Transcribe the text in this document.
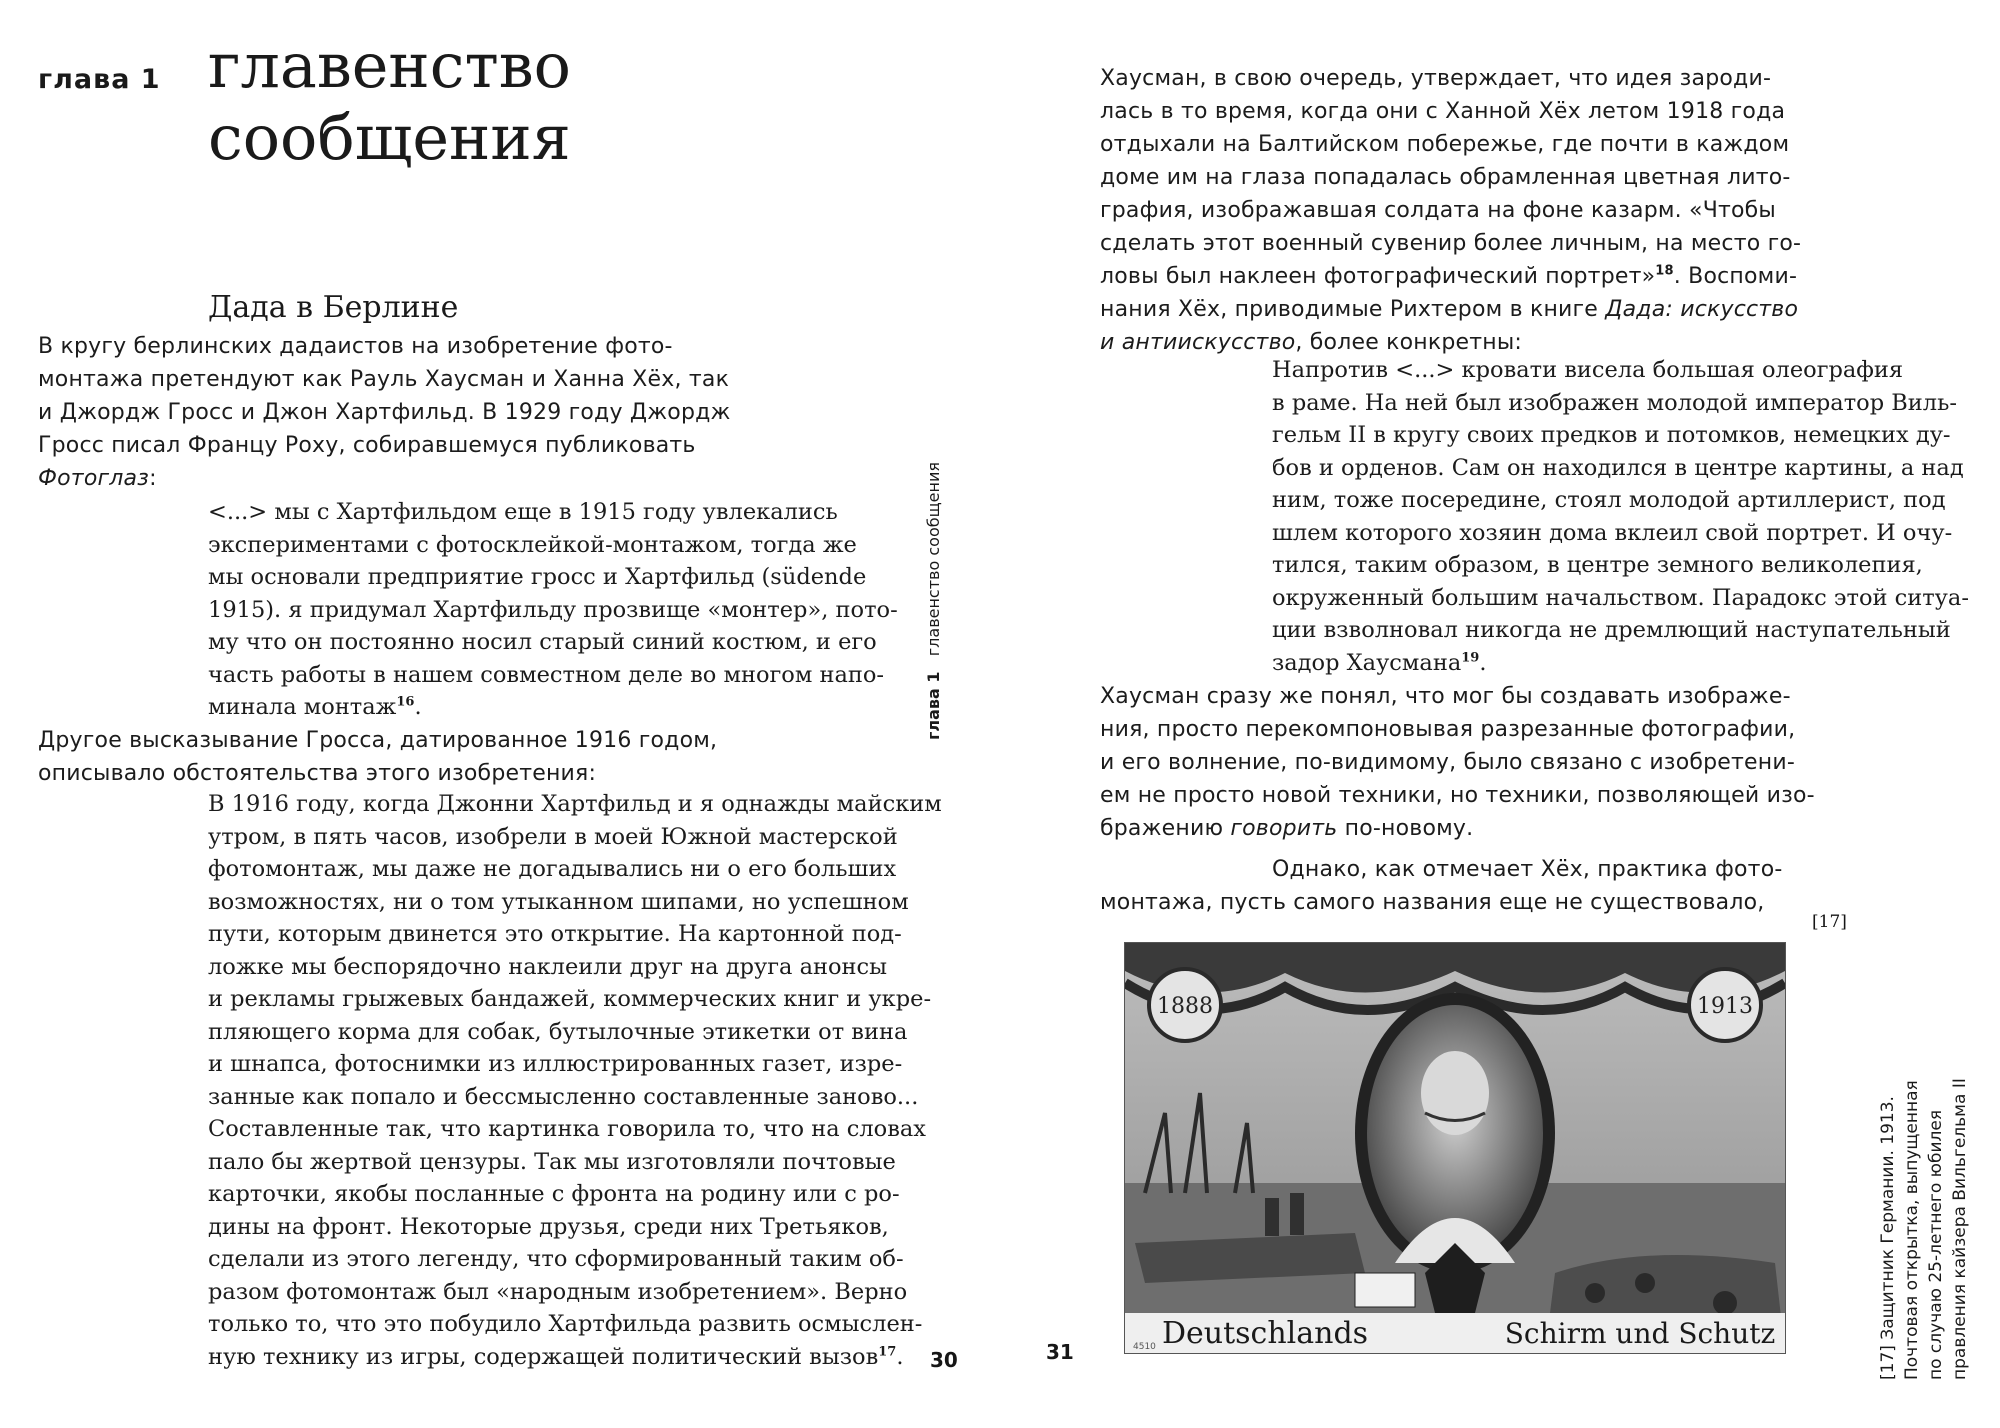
глава 1 главенство
сообщения
Дада в Берлине
В кругу берлинских дадаистов на изобретение фото-
монтажа претендуют как Рауль Хаусман и Ханна Хёх, так
и Джордж Гросс и Джон Хартфильд. В 1929 году Джордж
Гросс писал Францу Роху, собиравшемуся публиковать
Фотоглаз:
<...> мы с Хартфильдом еще в 1915 году увлекались
экспериментами с фотосклейкой-монтажом, тогда же
мы основали предприятие гросс и Хартфильд (südende
1915). я придумал Хартфильду прозвище «монтер», пото-
му что он постоянно носил старый синий костюм, и его
часть работы в нашем совместном деле во многом напо-
минала монтаж$^{16}$.
Другое высказывание Гросса, датированное 1916 годом,
описывало обстоятельства этого изобретения:
В 1916 году, когда Джонни Хартфильд и я однажды майским
утром, в пять часов, изобрели в моей Южной мастерской
фотомонтаж, мы даже не догадывались ни о его больших
возможностях, ни о том утыканном шипами, но успешном
пути, которым двинется это открытие. На картонной под-
ложке мы беспорядочно наклеили друг на друга анонсы
и рекламы грыжевых бандажей, коммерческих книг и укре-
пляющего корма для собак, бутылочные этикетки от вина
и шнапса, фотоснимки из иллюстрированных газет, изре-
занные как попало и бессмысленно составленные заново...
Составленные так, что картинка говорила то, что на словах
пало бы жертвой цензуры. Так мы изготовляли почтовые
карточки, якобы посланные с фронта на родину или с ро-
дины на фронт. Некоторые друзья, среди них Третьяков,
сделали из этого легенду, что сформированный таким об-
разом фотомонтаж был «народным изобретением». Верно
только то, что это побудило Хартфильда развить осмыслен-
ную технику из игры, содержащей политический вызов$^{17}$.
глава 1   главенство сообщения
30	31
Хаусман, в свою очередь, утверждает, что идея зароди-
лась в то время, когда они с Ханной Хёх летом 1918 года
отдыхали на Балтийском побережье, где почти в каждом
доме им на глаза попадалась обрамленная цветная лито-
графия, изображавшая солдата на фоне казарм. «Чтобы
сделать этот военный сувенир более личным, на место го-
ловы был наклеен фотографический портрет»$^{18}$. Воспоми-
нания Хёх, приводимые Рихтером в книге Дада: искусство
и антиискусство, более конкретны:
Напротив <...> кровати висела большая олеография
в раме. На ней был изображен молодой император Виль-
гельм II в кругу своих предков и потомков, немецких ду-
бов и орденов. Сам он находился в центре картины, а над
ним, тоже посередине, стоял молодой артиллерист, под
шлем которого хозяин дома вклеил свой портрет. И очу-
тился, таким образом, в центре земного великолепия,
окруженный большим начальством. Парадокс этой ситуа-
ции взволновал никогда не дремлющий наступательный
задор Хаусмана$^{19}$.
Хаусман сразу же понял, что мог бы создавать изображе-
ния, просто перекомпоновывая разрезанные фотографии,
и его волнение, по-видимому, было связано с изобретени-
ем не просто новой техники, но техники, позволяющей изо-
бражению говорить по-новому.
Однако, как отмечает Хёх, практика фото-
монтажа, пусть самого названия еще не существовало,
[17]
1888	1913
Deutschlands	Schirm und Schutz
4510	[17] Защитник Германии. 1913. Почтовая открытка, выпущенная по случаю 25-летнего юбилея правления кайзера Вильгельма II
